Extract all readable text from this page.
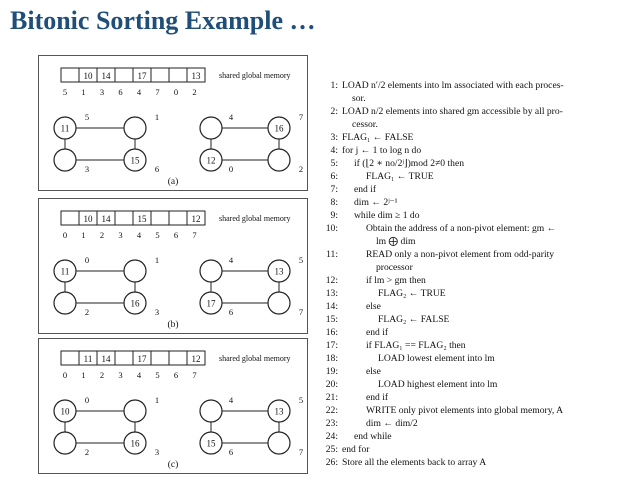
Bitonic Sorting Example …
10 14	17	13 shared global memory
5 1 3 6 4 7 0 2
11
15
16
12
5	1
3	6
4	7
0	2
(a)
10 14	15	12 shared global memory
0 1 2 3 4 5 6 7
11
16
13
17
0	1
2	3
4	5
6	7
(b)
11 14	17	12 shared global memory
0 1 2 3 4 5 6 7
10
16
13
15
0	1
2	3
4	5
6	7
(c)
1: LOAD n′/2 elements into lm associated with each proces-
sor.
2: LOAD n/2 elements into shared gm accessible by all pro-
cessor.
3: FLAG₁ ← FALSE
4: for j ← 1 to log n do
5: if (⌊2 ∗ no/2ʲ⌋)mod 2≠0 then
6:	FLAG₁ ← TRUE
7: end if
8: dim ← 2ʲ⁻¹
9: while dim ≥ 1 do
10:	Obtain the address of a non-pivot element: gm ←
lm ⨁ dim
11:	READ only a non-pivot element from odd-parity
processor
12:	if lm > gm then
13:	FLAG₂ ← TRUE
14:	else
15:	FLAG₂ ← FALSE
16:	end if
17:	if FLAG₁ == FLAG₂ then
18:	LOAD lowest element into lm
19:	else
20:	LOAD highest element into lm
21:	end if
22:	WRITE only pivot elements into global memory, A
23:	dim ← dim/2
24: end while
25: end for
26: Store all the elements back to array A
